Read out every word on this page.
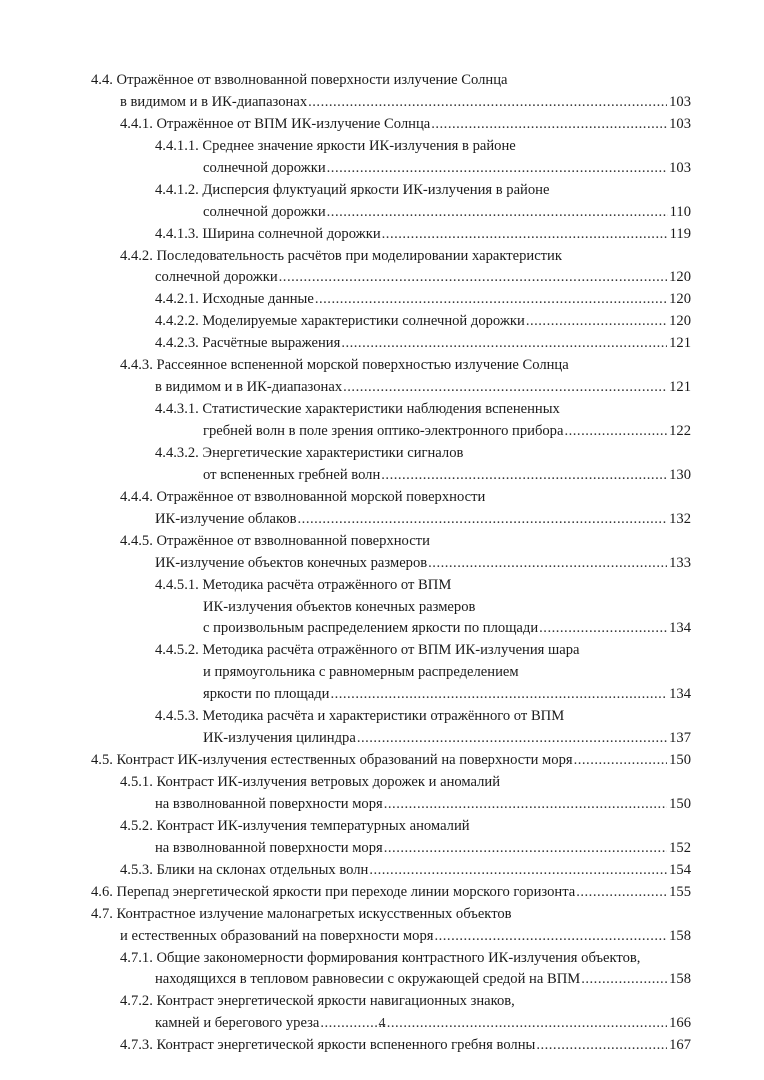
4.4. Отражённое от взволнованной поверхности излучение Солнца
в видимом и в ИК-диапазонах .....	103
4.4.1. Отражённое от ВПМ ИК-излучение Солнца .....	103
4.4.1.1. Среднее значение яркости ИК-излучения в районе
солнечной дорожки .....	103
4.4.1.2. Дисперсия флуктуаций яркости ИК-излучения в районе
солнечной дорожки .....	110
4.4.1.3. Ширина солнечной дорожки .....	119
4.4.2. Последовательность расчётов при моделировании характеристик
солнечной дорожки .....	120
4.4.2.1. Исходные данные .....	120
4.4.2.2. Моделируемые характеристики солнечной дорожки .....	120
4.4.2.3. Расчётные выражения .....	121
4.4.3. Рассеянное вспененной морской поверхностью излучение Солнца
в видимом и в ИК-диапазонах .....	121
4.4.3.1. Статистические характеристики наблюдения вспененных
гребней волн в поле зрения оптико-электронного прибора .....	122
4.4.3.2. Энергетические характеристики сигналов
от вспененных гребней волн .....	130
4.4.4. Отражённое от взволнованной морской поверхности
ИК-излучение облаков .....	132
4.4.5. Отражённое от взволнованной поверхности
ИК-излучение объектов конечных размеров .....	133
4.4.5.1. Методика расчёта отражённого от ВПМ
ИК-излучения объектов конечных размеров
с произвольным распределением яркости по площади .....	134
4.4.5.2. Методика расчёта отражённого от ВПМ ИК-излучения шара
и прямоугольника с равномерным распределением
яркости по площади .....	134
4.4.5.3. Методика расчёта и характеристики отражённого от ВПМ
ИК-излучения цилиндра .....	137
4.5. Контраст ИК-излучения естественных образований на поверхности моря .....	150
4.5.1. Контраст ИК-излучения ветровых дорожек и аномалий
на взволнованной поверхности моря .....	150
4.5.2. Контраст ИК-излучения температурных аномалий
на взволнованной поверхности моря .....	152
4.5.3. Блики на склонах отдельных волн .....	154
4.6. Перепад энергетической яркости при переходе линии морского горизонта .....	155
4.7. Контрастное излучение малонагретых искусственных объектов
и естественных образований на поверхности моря .....	158
4.7.1. Общие закономерности формирования контрастного ИК-излучения объектов,
находящихся в тепловом равновесии с окружающей средой на ВПМ .....	158
4.7.2. Контраст энергетической яркости навигационных знаков,
камней и берегового уреза .....	166
4.7.3. Контраст энергетической яркости вспененного гребня волны .....	167
4
